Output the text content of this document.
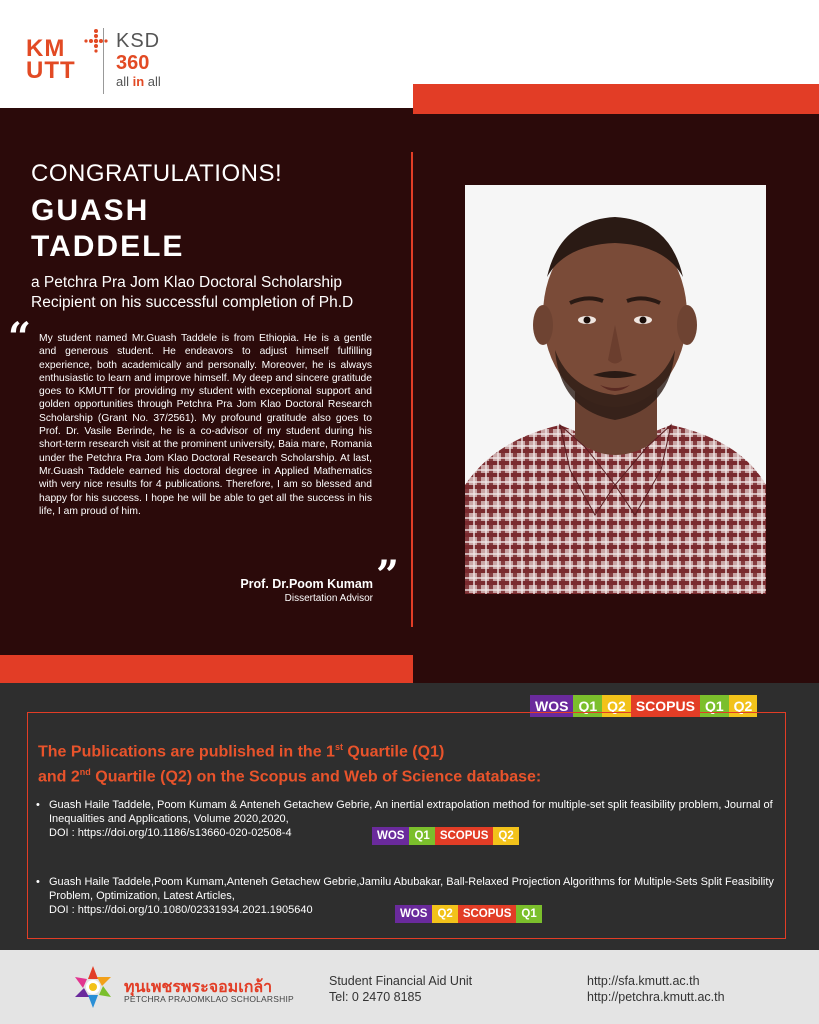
KM
UTT
KSD
360
all in all
CONGRATULATIONS!
GUASH
TADDELE
a Petchra Pra Jom Klao Doctoral Scholarship Recipient on his successful completion of Ph.D
“ My student named Mr.Guash Taddele is from Ethiopia. He is a gentle and generous student. He endeavors to adjust himself fulfilling experience, both academically and personally. Moreover, he is always enthusiastic to learn and improve himself. My deep and sincere gratitude goes to KMUTT for providing my student with exceptional support and golden opportunities through Petchra Pra Jom Klao Doctoral Research Scholarship (Grant No. 37/2561). My profound gratitude also goes to Prof. Dr. Vasile Berinde, he is a co-advisor of my student during his short-term research visit at the prominent university, Baia mare, Romania under the Petchra Pra Jom Klao Doctoral Research Scholarship. At last, Mr.Guash Taddele earned his doctoral degree in Applied Mathematics with very nice results for 4 publications. Therefore, I am so blessed and happy for his success. I hope he will be able to get all the success in his life, I am proud of him.
”
Prof. Dr.Poom Kumam
Dissertation Advisor
WOS Q1 Q2 SCOPUS Q1 Q2
The Publications are published in the 1st Quartile (Q1)
and 2nd Quartile (Q2) on the Scopus and Web of Science database:
• Guash Haile Taddele, Poom Kumam & Anteneh Getachew Gebrie, An inertial extrapolation method for multiple-set split feasibility problem, Journal of Inequalities and Applications, Volume 2020,2020,
DOI : https://doi.org/10.1186/s13660-020-02508-4	WOS Q1 SCOPUS Q2
• Guash Haile Taddele,Poom Kumam,Anteneh Getachew Gebrie,Jamilu Abubakar, Ball-Relaxed Projection Algorithms for Multiple-Sets Split Feasibility Problem, Optimization, Latest Articles,
DOI : https://doi.org/10.1080/02331934.2021.1905640	WOS Q2 SCOPUS Q1
ทุนเพชรพระจอมเกล้า
PETCHRA PRAJOMKLAO SCHOLARSHIP
Student Financial Aid Unit
Tel: 0 2470 8185
http://sfa.kmutt.ac.th
http://petchra.kmutt.ac.th
